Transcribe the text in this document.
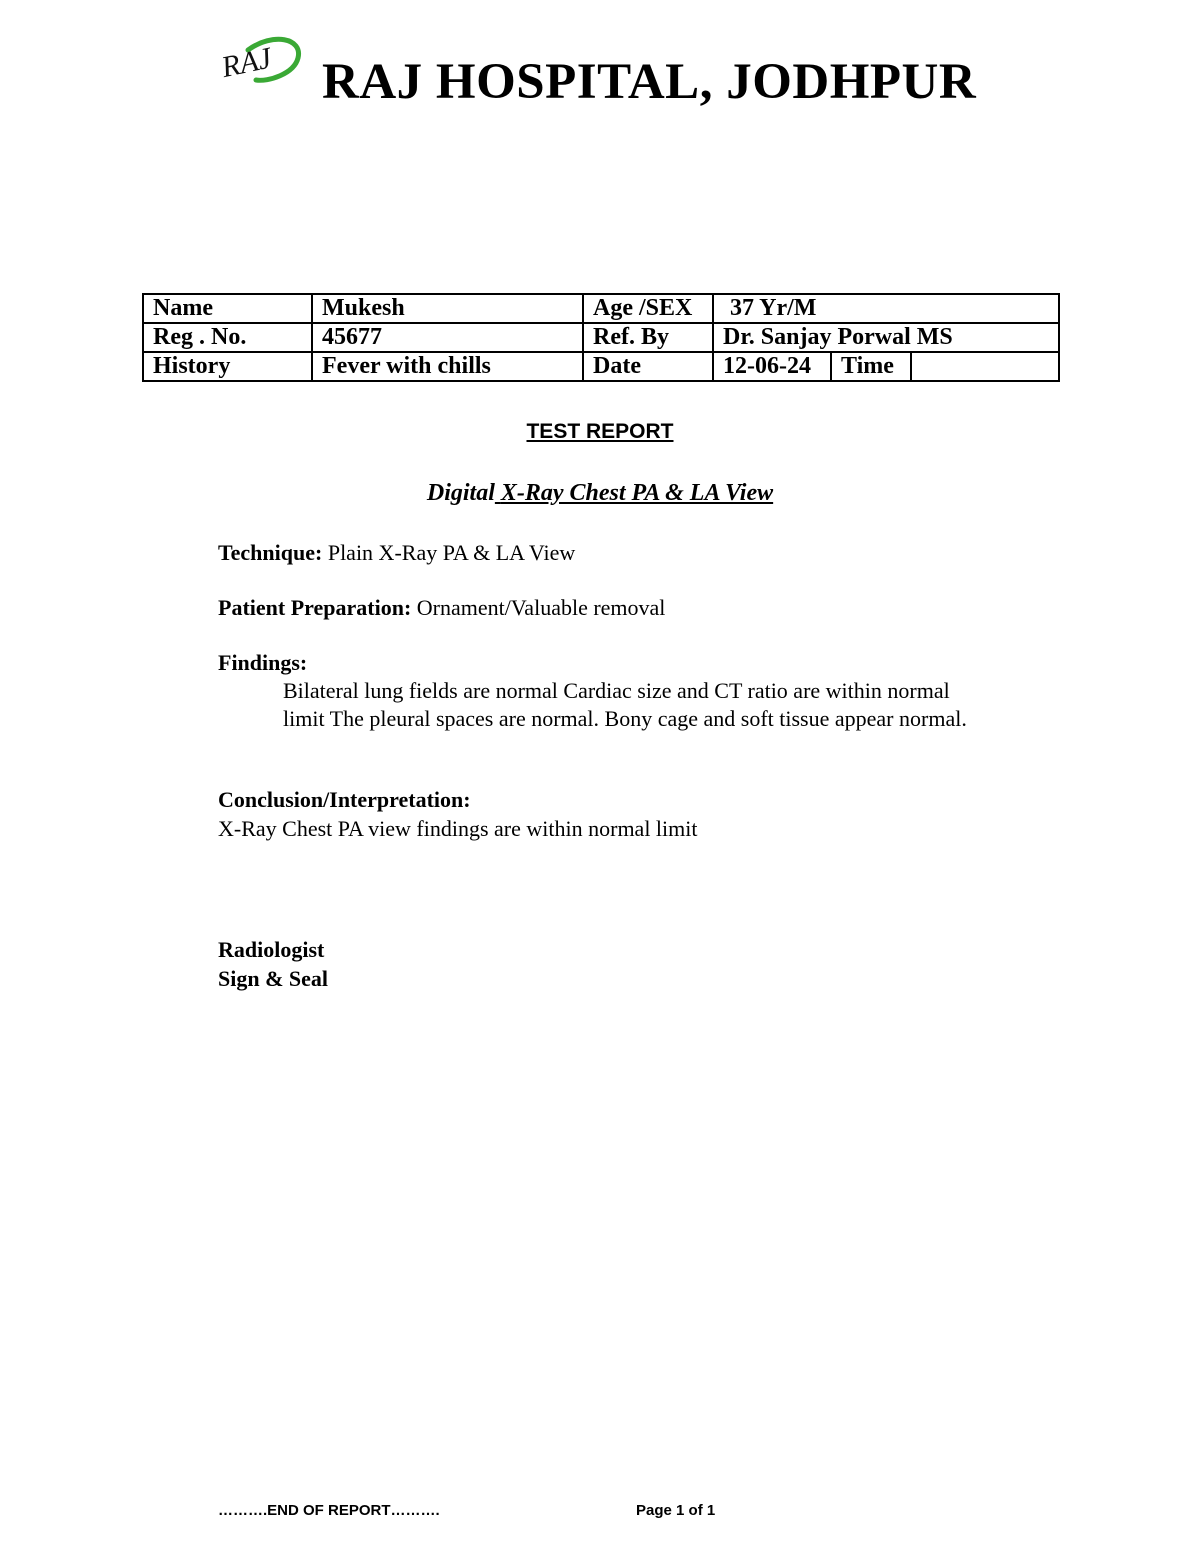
RAJ RAJ HOSPITAL, JODHPUR
Name	Mukesh	Age /SEX	37 Yr/M		
Reg . No.	45677	Ref. By	Dr. Sanjay Porwal MS		
History	Fever with chills	Date	12-06-24	Time	
TEST REPORT
Digital X-Ray Chest PA & LA View
Technique: Plain X-Ray PA & LA View
Patient Preparation: Ornament/Valuable removal
Findings:
Bilateral lung fields are normal Cardiac size and CT ratio are within normal limit The pleural spaces are normal. Bony cage and soft tissue appear normal.
Conclusion/Interpretation:
X-Ray Chest PA view findings are within normal limit
Radiologist
Sign & Seal
……….END OF REPORT……….	Page 1 of 1
